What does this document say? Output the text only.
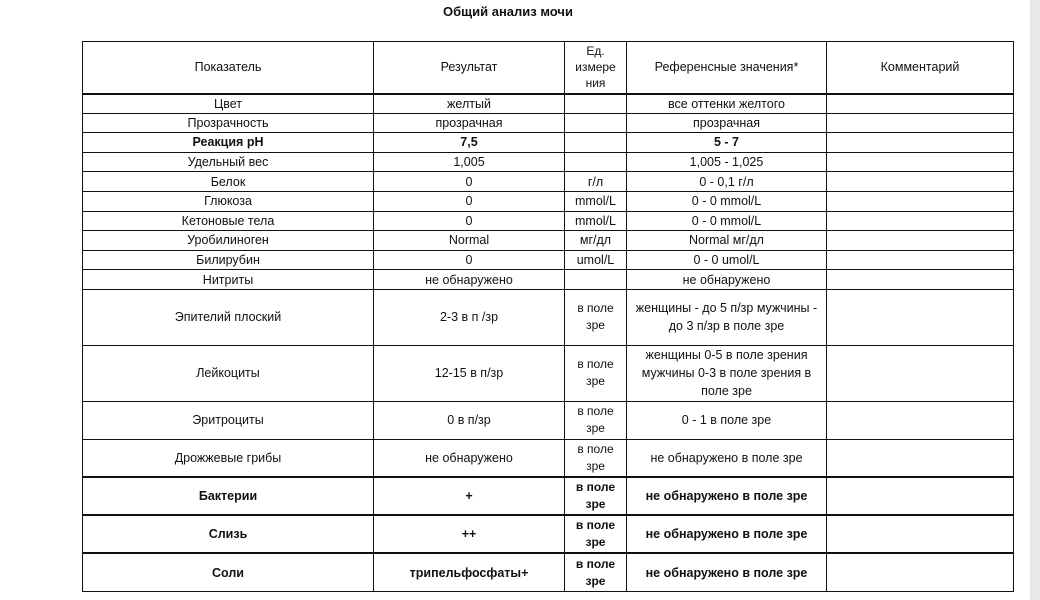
Общий анализ мочи
Показатель	Результат	Ед. измере ния	Референсные значения*	Комментарий
Цвет	желтый		все оттенки желтого	
Прозрачность	прозрачная		прозрачная	
Реакция pH	7,5		5 - 7	
Удельный вес	1,005		1,005 - 1,025	
Белок	0	г/л	0 - 0,1 г/л	
Глюкоза	0	mmol/L	0 - 0 mmol/L	
Кетоновые тела	0	mmol/L	0 - 0 mmol/L	
Уробилиноген	Normal	мг/дл	Normal мг/дл	
Билирубин	0	umol/L	0 - 0 umol/L	
Нитриты	не обнаружено		не обнаружено	
Эпителий плоский	2-3 в п /зр	в поле зре	женщины - до 5 п/зр мужчины - до 3 п/зр в поле зре	
Лейкоциты	12-15 в п/зр	в поле зре	женщины 0-5 в поле зрения мужчины 0-3 в поле зрения в поле зре	
Эритроциты	0 в п/зр	в поле зре	0 - 1 в поле зре	
Дрожжевые грибы	не обнаружено	в поле зре	не обнаружено в поле зре	
Бактерии	+	в поле зре	не обнаружено в поле зре	
Слизь	++	в поле зре	не обнаружено в поле зре	
Соли	трипельфосфаты+	в поле зре	не обнаружено в поле зре	
